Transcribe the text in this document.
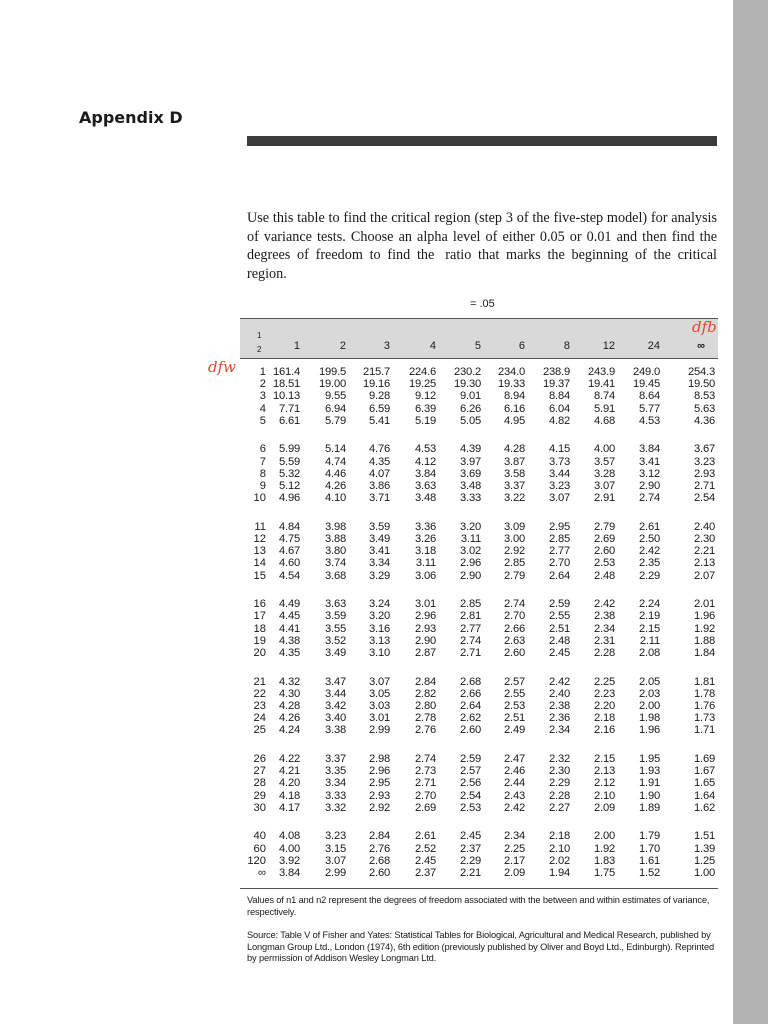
Appendix D
Use this table to find the critical region (step 3 of the five-step model) for analysis of variance tests. Choose an alpha level of either 0.05 or 0.01 and then find the degrees of freedom to find the ratio that marks the beginning of the critical region.
= .05
1
2
dfb
dfw
1	2	3	4	5	6	8	12	24	∞
1 161.4	199.5	215.7	224.6	230.2	234.0	238.9	243.9	249.0	254.3
2 18.51	19.00	19.16	19.25	19.30	19.33	19.37	19.41	19.45	19.50
3 10.13	9.55	9.28	9.12	9.01	8.94	8.84	8.74	8.64	8.53
4	7.71	6.94	6.59	6.39	6.26	6.16	6.04	5.91	5.77	5.63
5	6.61	5.79	5.41	5.19	5.05	4.95	4.82	4.68	4.53	4.36
6	5.99	5.14	4.76	4.53	4.39	4.28	4.15	4.00	3.84	3.67
7	5.59	4.74	4.35	4.12	3.97	3.87	3.73	3.57	3.41	3.23
8	5.32	4.46	4.07	3.84	3.69	3.58	3.44	3.28	3.12	2.93
9	5.12	4.26	3.86	3.63	3.48	3.37	3.23	3.07	2.90	2.71
10	4.96	4.10	3.71	3.48	3.33	3.22	3.07	2.91	2.74	2.54
11	4.84	3.98	3.59	3.36	3.20	3.09	2.95	2.79	2.61	2.40
12	4.75	3.88	3.49	3.26	3.11	3.00	2.85	2.69	2.50	2.30
13	4.67	3.80	3.41	3.18	3.02	2.92	2.77	2.60	2.42	2.21
14	4.60	3.74	3.34	3.11	2.96	2.85	2.70	2.53	2.35	2.13
15	4.54	3.68	3.29	3.06	2.90	2.79	2.64	2.48	2.29	2.07
16	4.49	3.63	3.24	3.01	2.85	2.74	2.59	2.42	2.24	2.01
17	4.45	3.59	3.20	2.96	2.81	2.70	2.55	2.38	2.19	1.96
18	4.41	3.55	3.16	2.93	2.77	2.66	2.51	2.34	2.15	1.92
19	4.38	3.52	3.13	2.90	2.74	2.63	2.48	2.31	2.11	1.88
20	4.35	3.49	3.10	2.87	2.71	2.60	2.45	2.28	2.08	1.84
21	4.32	3.47	3.07	2.84	2.68	2.57	2.42	2.25	2.05	1.81
22	4.30	3.44	3.05	2.82	2.66	2.55	2.40	2.23	2.03	1.78
23	4.28	3.42	3.03	2.80	2.64	2.53	2.38	2.20	2.00	1.76
24	4.26	3.40	3.01	2.78	2.62	2.51	2.36	2.18	1.98	1.73
25	4.24	3.38	2.99	2.76	2.60	2.49	2.34	2.16	1.96	1.71
26	4.22	3.37	2.98	2.74	2.59	2.47	2.32	2.15	1.95	1.69
27	4.21	3.35	2.96	2.73	2.57	2.46	2.30	2.13	1.93	1.67
28	4.20	3.34	2.95	2.71	2.56	2.44	2.29	2.12	1.91	1.65
29	4.18	3.33	2.93	2.70	2.54	2.43	2.28	2.10	1.90	1.64
30	4.17	3.32	2.92	2.69	2.53	2.42	2.27	2.09	1.89	1.62
40	4.08	3.23	2.84	2.61	2.45	2.34	2.18	2.00	1.79	1.51
60	4.00	3.15	2.76	2.52	2.37	2.25	2.10	1.92	1.70	1.39
120	3.92	3.07	2.68	2.45	2.29	2.17	2.02	1.83	1.61	1.25
∞	3.84	2.99	2.60	2.37	2.21	2.09	1.94	1.75	1.52	1.00
Values of n1 and n2 represent the degrees of freedom associated with the between and within estimates of variance, respectively.
Source: Table V of Fisher and Yates: Statistical Tables for Biological, Agricultural and Medical Research, published by Longman Group Ltd., London (1974), 6th edition (previously published by Oliver and Boyd Ltd., Edinburgh). Reprinted by permission of Addison Wesley Longman Ltd.
